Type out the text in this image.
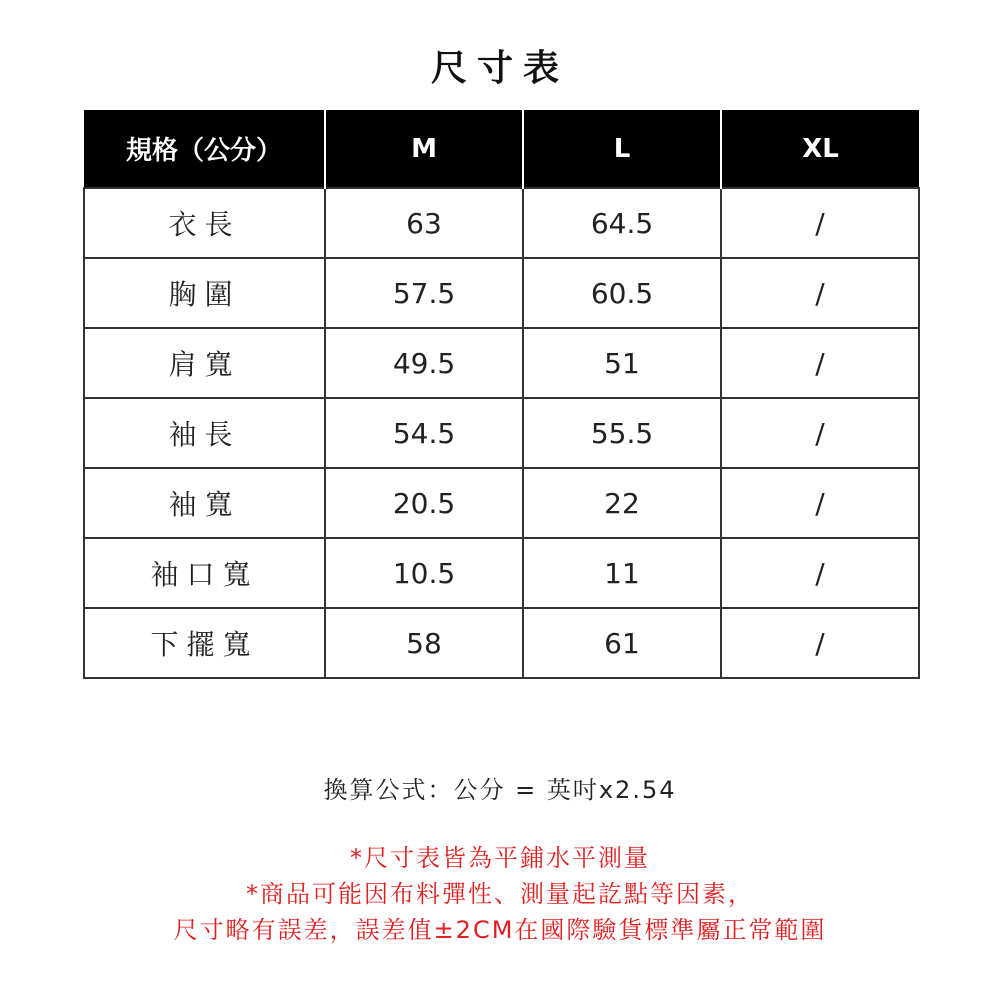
尺寸表
規格（公分）	M	L	XL
衣長	63	64.5	/
胸圍	57.5	60.5	/
肩寬	49.5	51	/
袖長	54.5	55.5	/
袖寬	20.5	22	/
袖口寬	10.5	11	/
下擺寬	58	61	/
換算公式：公分 = 英吋x2.54
*尺寸表皆為平鋪水平測量
*商品可能因布料彈性、測量起訖點等因素，
尺寸略有誤差，誤差值±2CM在國際驗貨標準屬正常範圍
